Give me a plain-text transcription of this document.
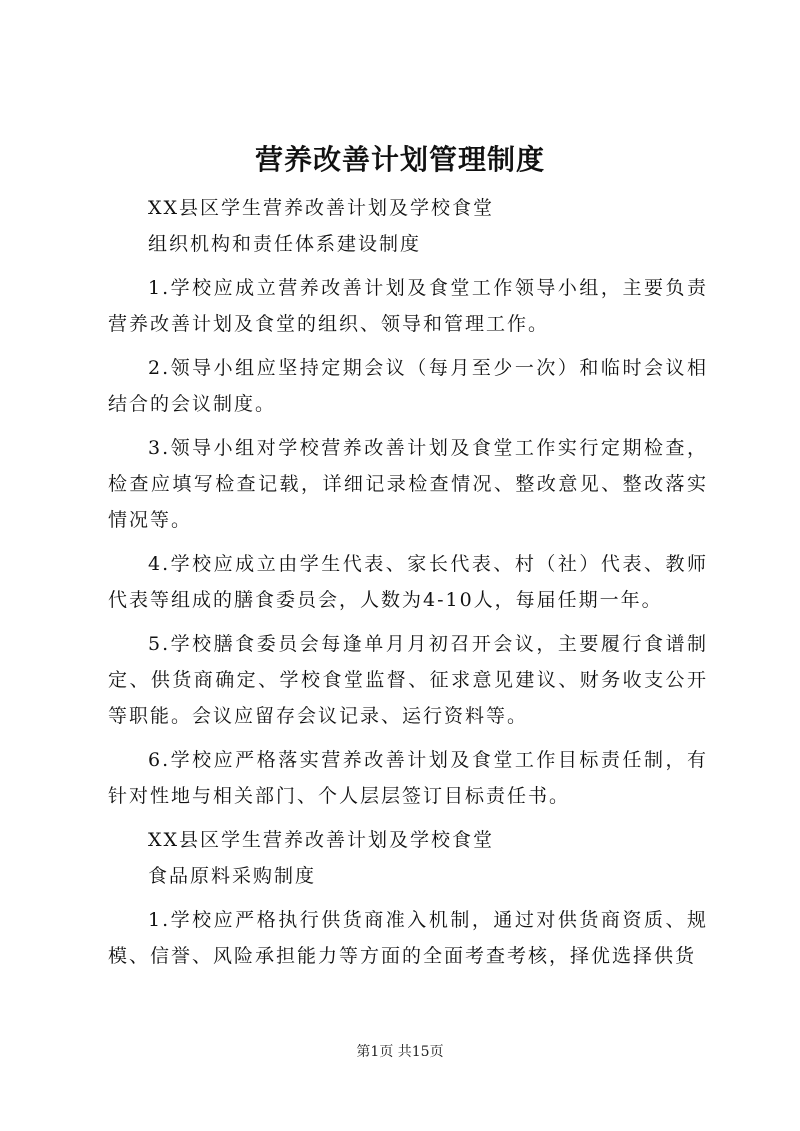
营养改善计划管理制度

XX县区学生营养改善计划及学校食堂

组织机构和责任体系建设制度

1.学校应成立营养改善计划及食堂工作领导小组，主要负责营养改善计划及食堂的组织、领导和管理工作。

2.领导小组应坚持定期会议（每月至少一次）和临时会议相结合的会议制度。

3.领导小组对学校营养改善计划及食堂工作实行定期检查，检查应填写检查记载，详细记录检查情况、整改意见、整改落实情况等。

4.学校应成立由学生代表、家长代表、村（社）代表、教师代表等组成的膳食委员会，人数为4-10人，每届任期一年。

5.学校膳食委员会每逢单月月初召开会议，主要履行食谱制定、供货商确定、学校食堂监督、征求意见建议、财务收支公开等职能。会议应留存会议记录、运行资料等。

6.学校应严格落实营养改善计划及食堂工作目标责任制，有针对性地与相关部门、个人层层签订目标责任书。

XX县区学生营养改善计划及学校食堂

食品原料采购制度

1.学校应严格执行供货商准入机制，通过对供货商资质、规模、信誉、风险承担能力等方面的全面考查考核，择优选择供货

第1页 共15页
